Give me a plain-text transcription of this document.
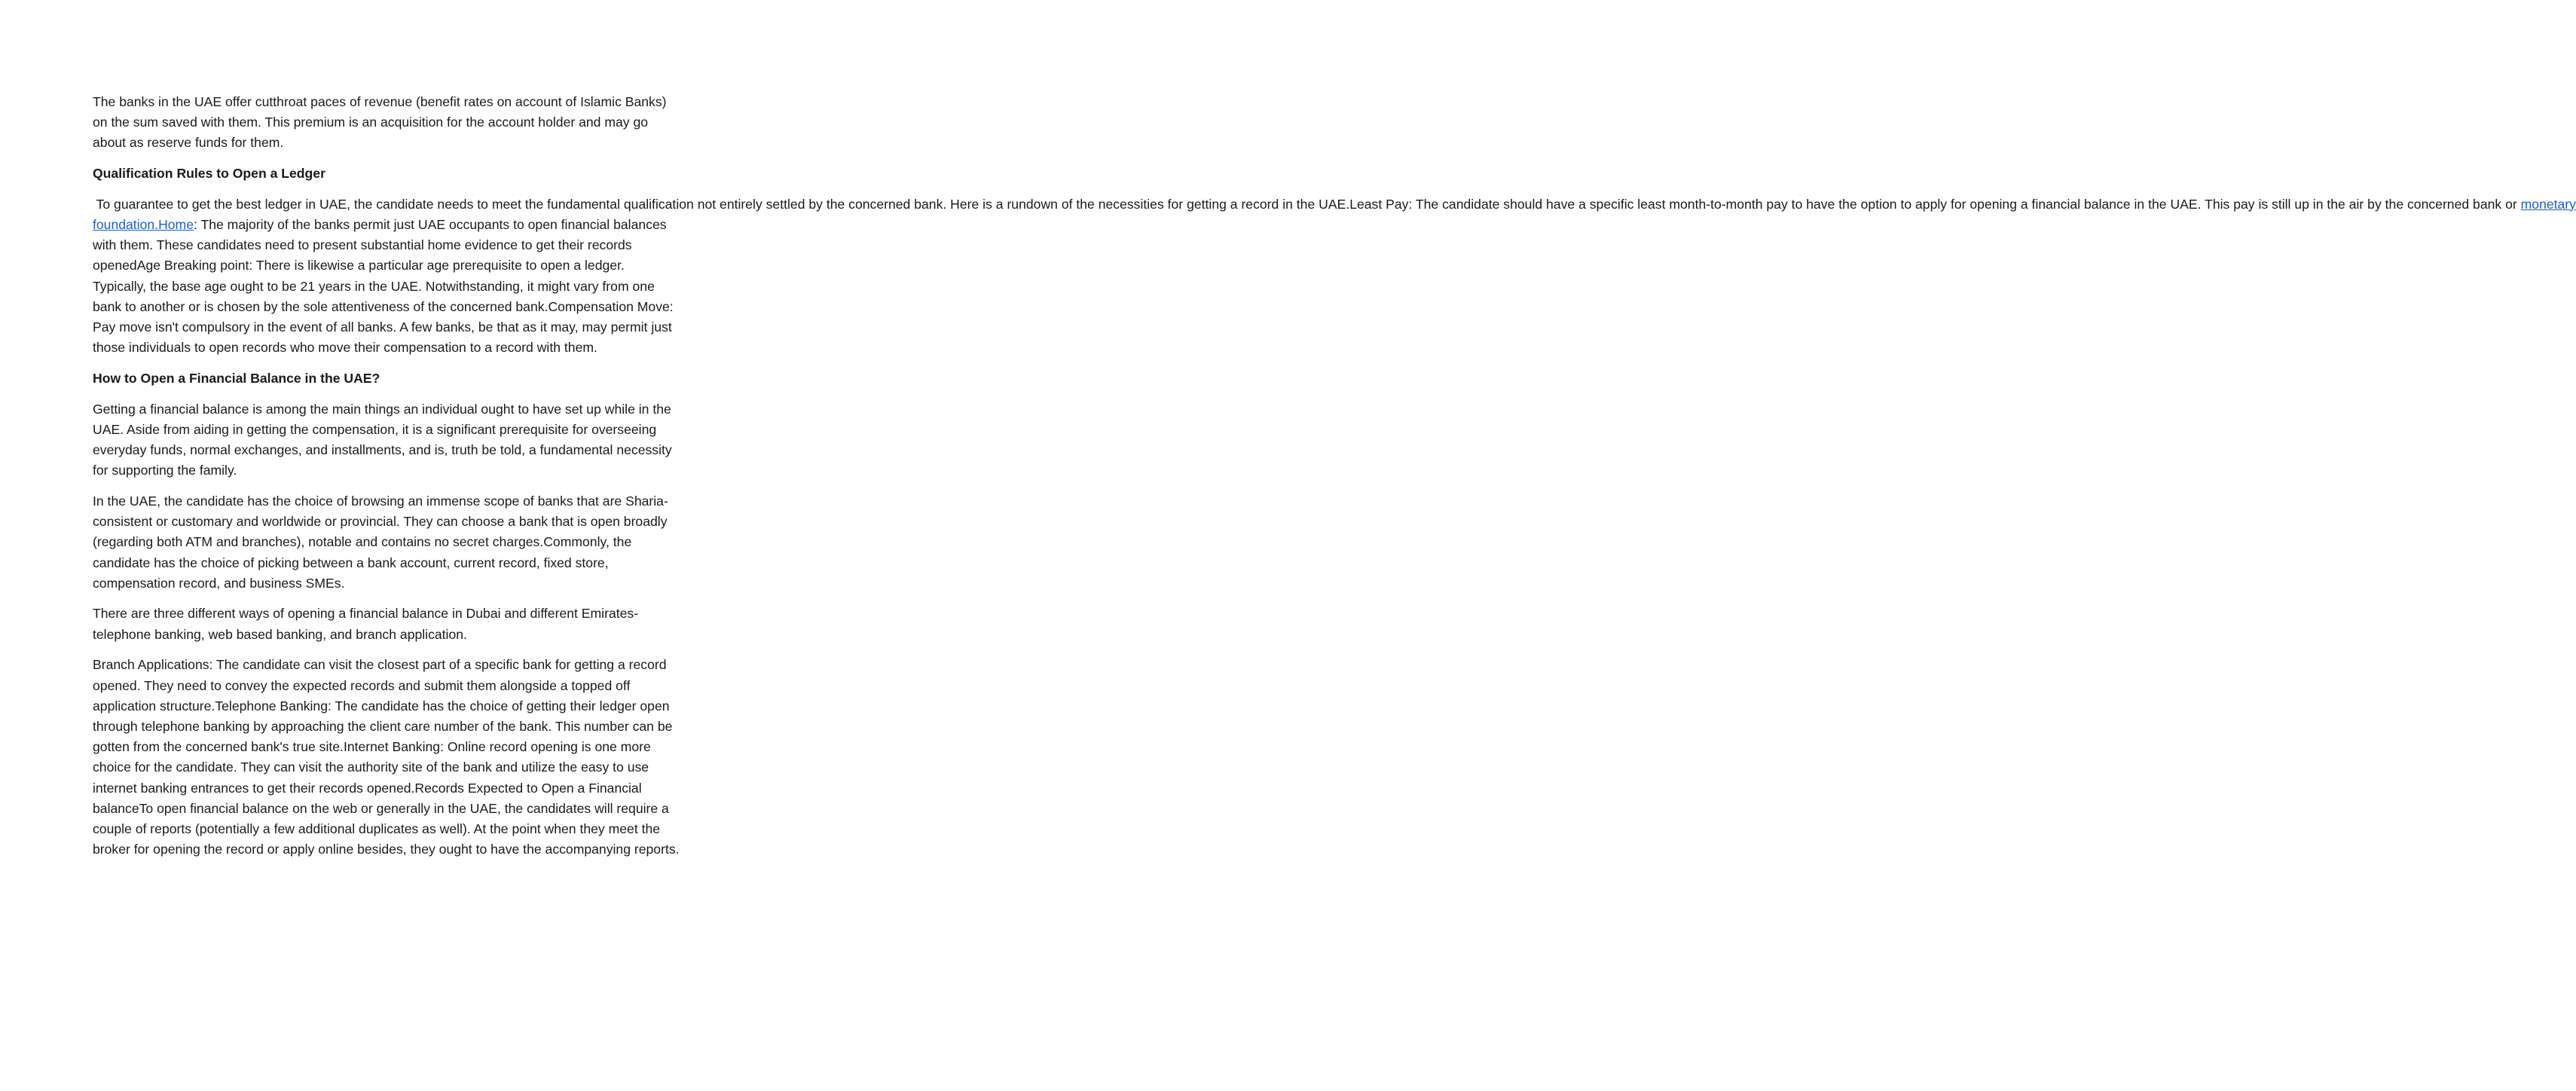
The banks in the UAE offer cutthroat paces of revenue (benefit rates on account of Islamic Banks) on the sum saved with them. This premium is an acquisition for the account holder and may go about as reserve funds for them.

Qualification Rules to Open a Ledger

To guarantee to get the best ledger in UAE, the candidate needs to meet the fundamental qualification not entirely settled by the concerned bank. Here is a rundown of the necessities for getting a record in the UAE.Least Pay: The candidate should have a specific least month-to-month pay to have the option to apply for opening a financial balance in the UAE. This pay is still up in the air by the concerned bank or monetary foundation.Home: The majority of the banks permit just UAE occupants to open financial balances with them. These candidates need to present substantial home evidence to get their records openedAge Breaking point: There is likewise a particular age prerequisite to open a ledger. Typically, the base age ought to be 21 years in the UAE. Notwithstanding, it might vary from one bank to another or is chosen by the sole attentiveness of the concerned bank.Compensation Move: Pay move isn't compulsory in the event of all banks. A few banks, be that as it may, may permit just those individuals to open records who move their compensation to a record with them.

How to Open a Financial Balance in the UAE?

Getting a financial balance is among the main things an individual ought to have set up while in the UAE. Aside from aiding in getting the compensation, it is a significant prerequisite for overseeing everyday funds, normal exchanges, and installments, and is, truth be told, a fundamental necessity for supporting the family.

In the UAE, the candidate has the choice of browsing an immense scope of banks that are Sharia-consistent or customary and worldwide or provincial. They can choose a bank that is open broadly (regarding both ATM and branches), notable and contains no secret charges.Commonly, the candidate has the choice of picking between a bank account, current record, fixed store, compensation record, and business SMEs.

There are three different ways of opening a financial balance in Dubai and different Emirates-telephone banking, web based banking, and branch application.

Branch Applications: The candidate can visit the closest part of a specific bank for getting a record opened. They need to convey the expected records and submit them alongside a topped off application structure.Telephone Banking: The candidate has the choice of getting their ledger open through telephone banking by approaching the client care number of the bank. This number can be gotten from the concerned bank's true site.Internet Banking: Online record opening is one more choice for the candidate. They can visit the authority site of the bank and utilize the easy to use internet banking entrances to get their records opened.Records Expected to Open a Financial balanceTo open financial balance on the web or generally in the UAE, the candidates will require a couple of reports (potentially a few additional duplicates as well). At the point when they meet the broker for opening the record or apply online besides, they ought to have the accompanying reports.
